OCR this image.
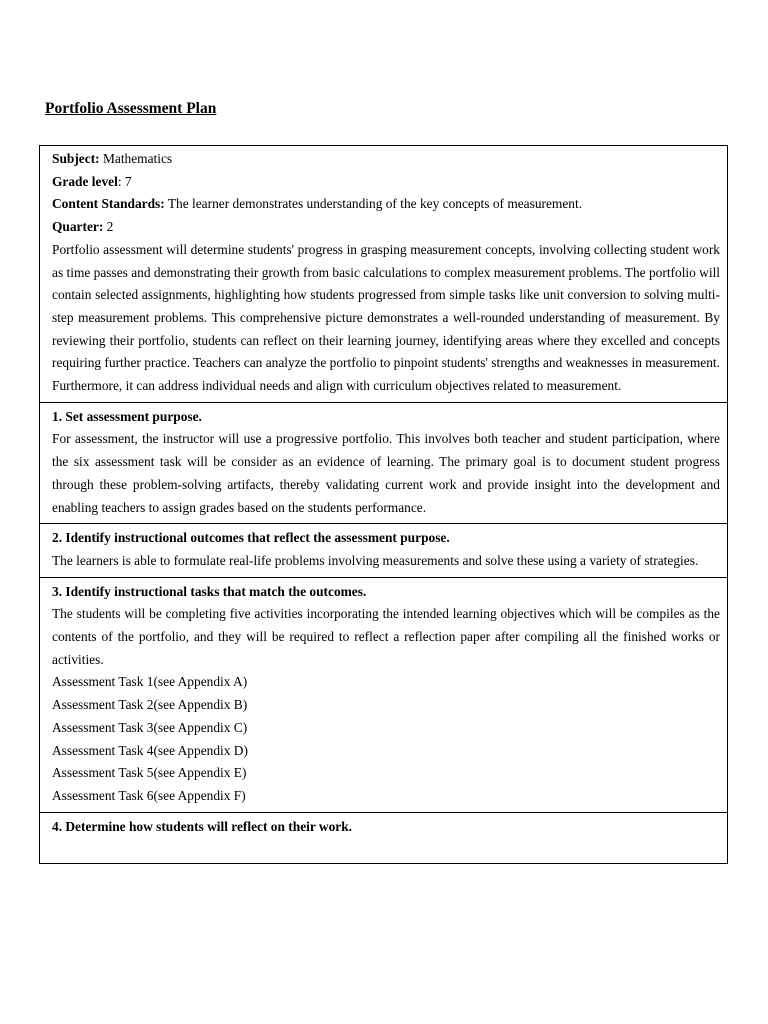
Portfolio Assessment Plan
Subject: Mathematics
Grade level: 7
Content Standards: The learner demonstrates understanding of the key concepts of measurement.
Quarter: 2

Portfolio assessment will determine students' progress in grasping measurement concepts, involving collecting student work as time passes and demonstrating their growth from basic calculations to complex measurement problems. The portfolio will contain selected assignments, highlighting how students progressed from simple tasks like unit conversion to solving multi-step measurement problems. This comprehensive picture demonstrates a well-rounded understanding of measurement. By reviewing their portfolio, students can reflect on their learning journey, identifying areas where they excelled and concepts requiring further practice. Teachers can analyze the portfolio to pinpoint students' strengths and weaknesses in measurement. Furthermore, it can address individual needs and align with curriculum objectives related to measurement.

1. Set assessment purpose.

For assessment, the instructor will use a progressive portfolio. This involves both teacher and student participation, where the six assessment task will be consider as an evidence of learning. The primary goal is to document student progress through these problem-solving artifacts, thereby validating current work and provide insight into the development and enabling teachers to assign grades based on the students performance.

2. Identify instructional outcomes that reflect the assessment purpose.

The learners is able to formulate real-life problems involving measurements and solve these using a variety of strategies.

3. Identify instructional tasks that match the outcomes.

The students will be completing five activities incorporating the intended learning objectives which will be compiles as the contents of the portfolio, and they will be required to reflect a reflection paper after compiling all the finished works or activities.

Assessment Task 1(see Appendix A)
Assessment Task 2(see Appendix B)
Assessment Task 3(see Appendix C)
Assessment Task 4(see Appendix D)
Assessment Task 5(see Appendix E)
Assessment Task 6(see Appendix F)
4. Determine how students will reflect on their work.
